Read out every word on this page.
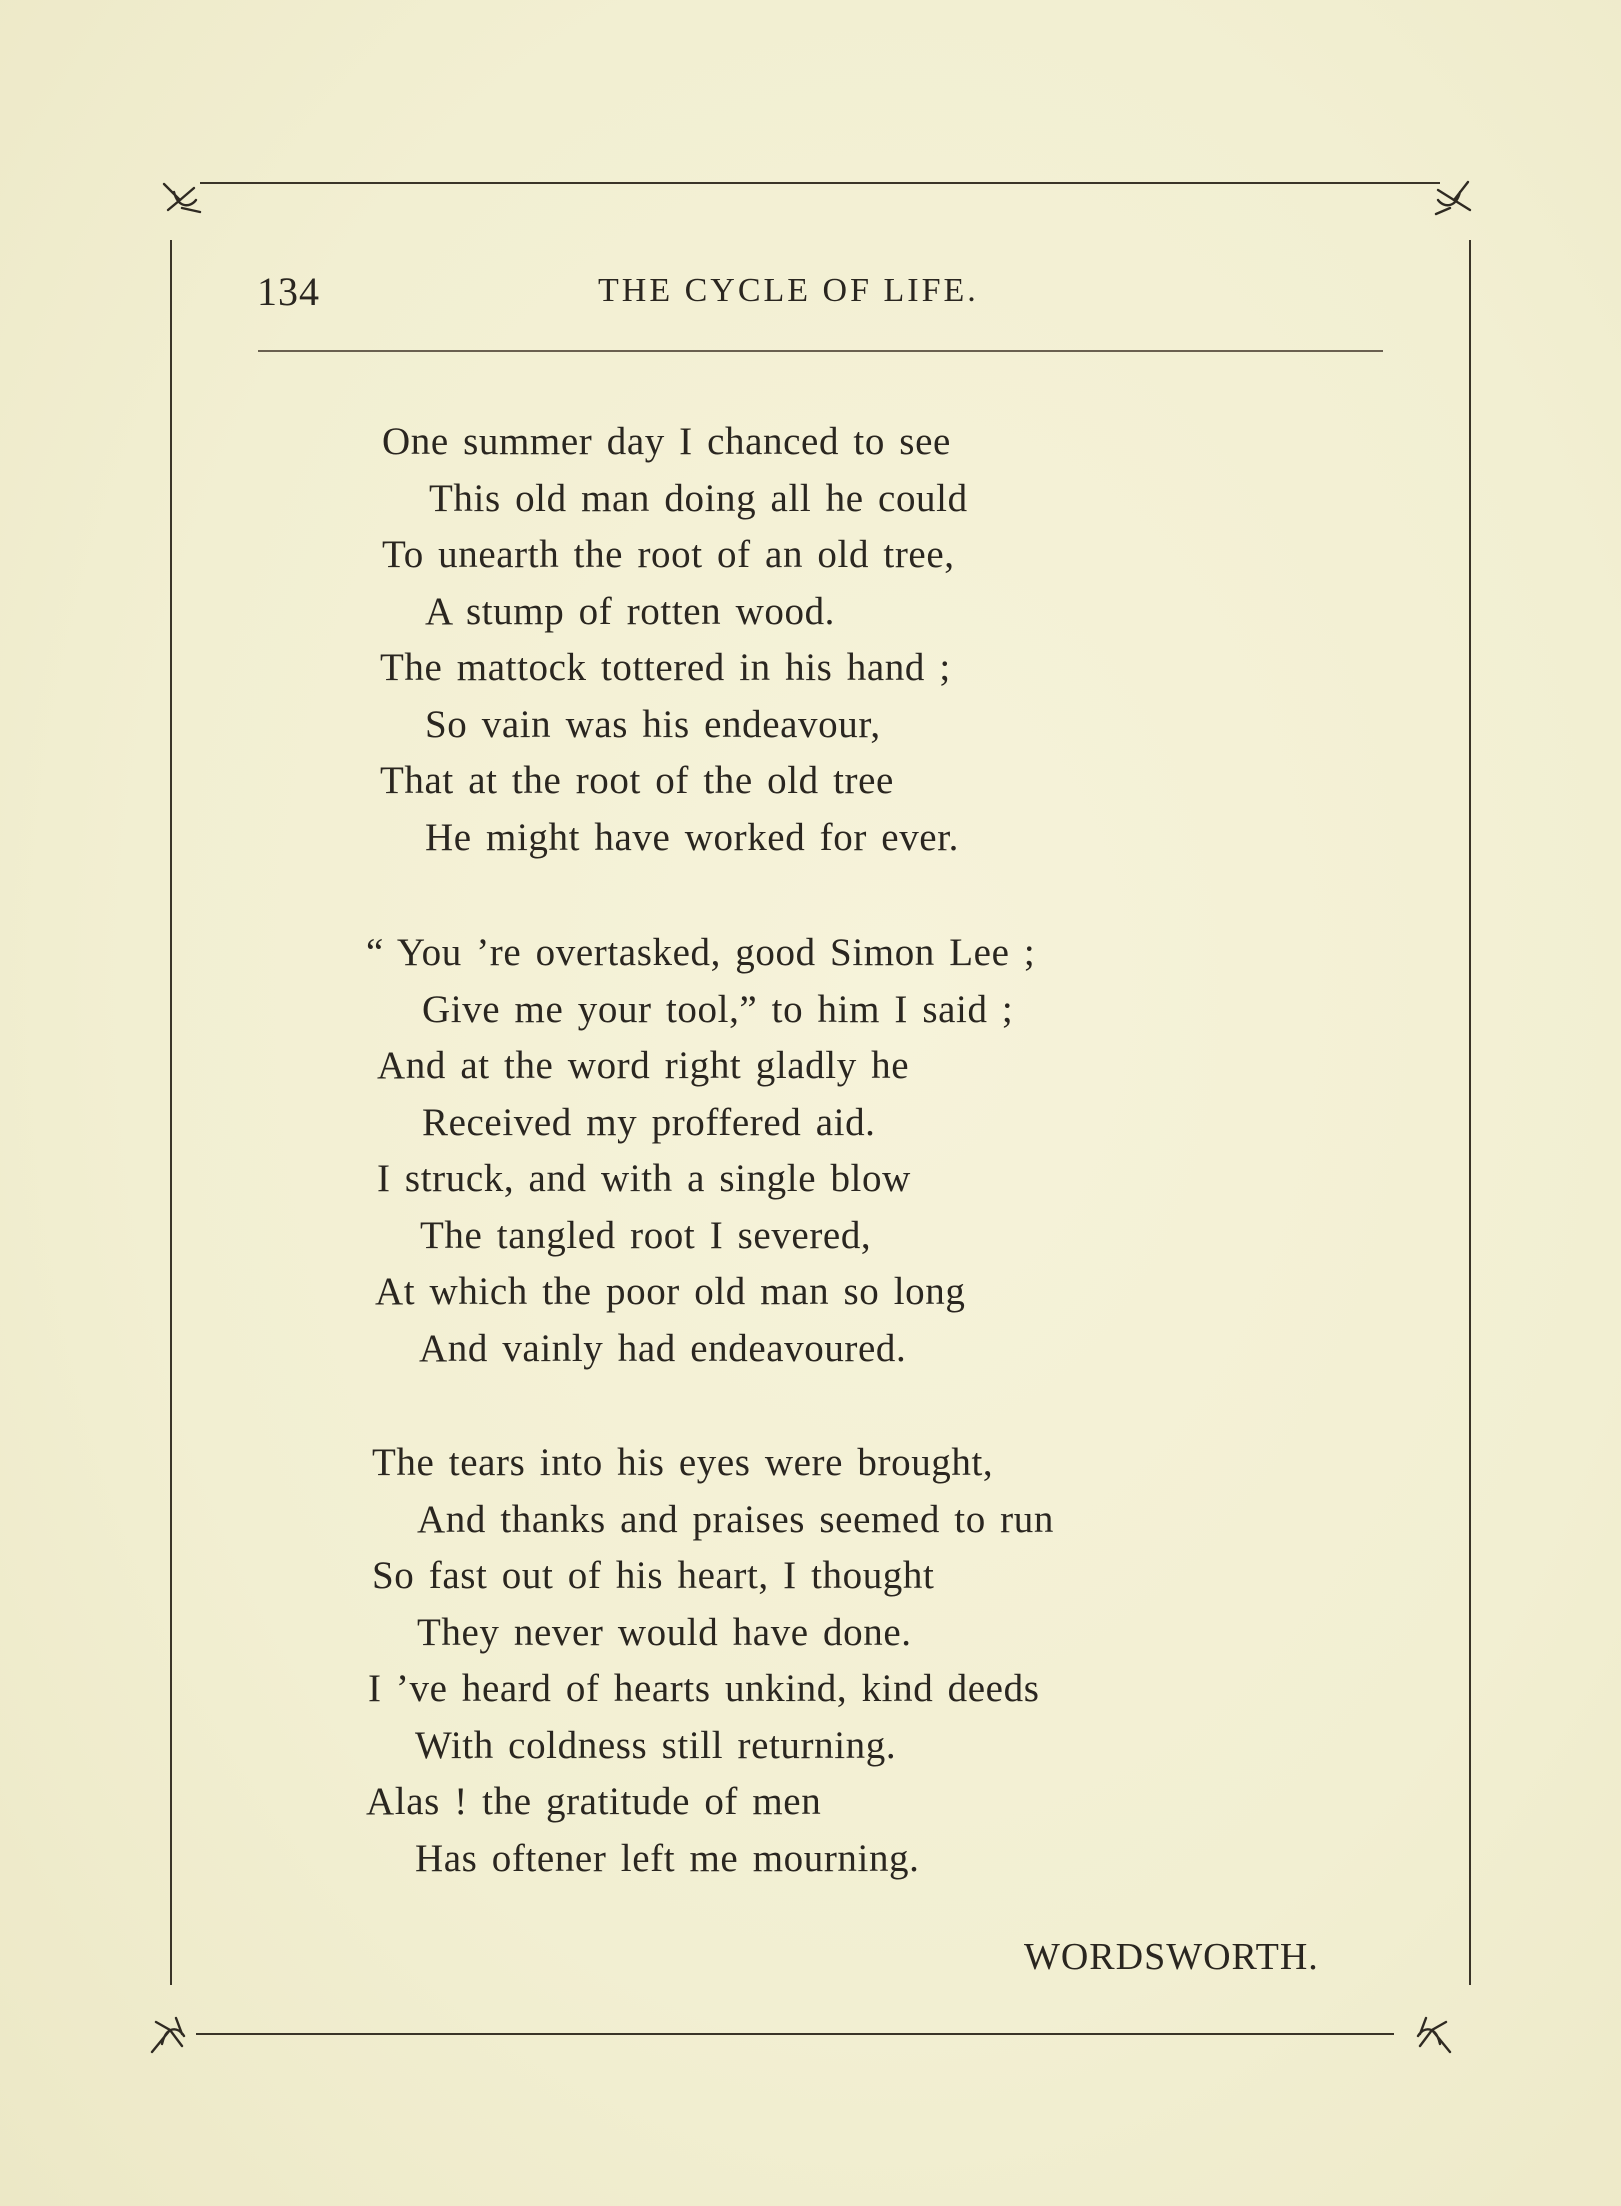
134	THE CYCLE OF LIFE.
One summer day I chanced to see
This old man doing all he could
To unearth the root of an old tree,
A stump of rotten wood.
The mattock tottered in his hand ;
So vain was his endeavour,
That at the root of the old tree
He might have worked for ever.
“ You ’re overtasked, good Simon Lee ;
Give me your tool,” to him I said ;
And at the word right gladly he
Received my proffered aid.
I struck, and with a single blow
The tangled root I severed,
At which the poor old man so long
And vainly had endeavoured.
The tears into his eyes were brought,
And thanks and praises seemed to run
So fast out of his heart, I thought
They never would have done.
I ’ve heard of hearts unkind, kind deeds
With coldness still returning.
Alas ! the gratitude of men
Has oftener left me mourning.
WORDSWORTH.
